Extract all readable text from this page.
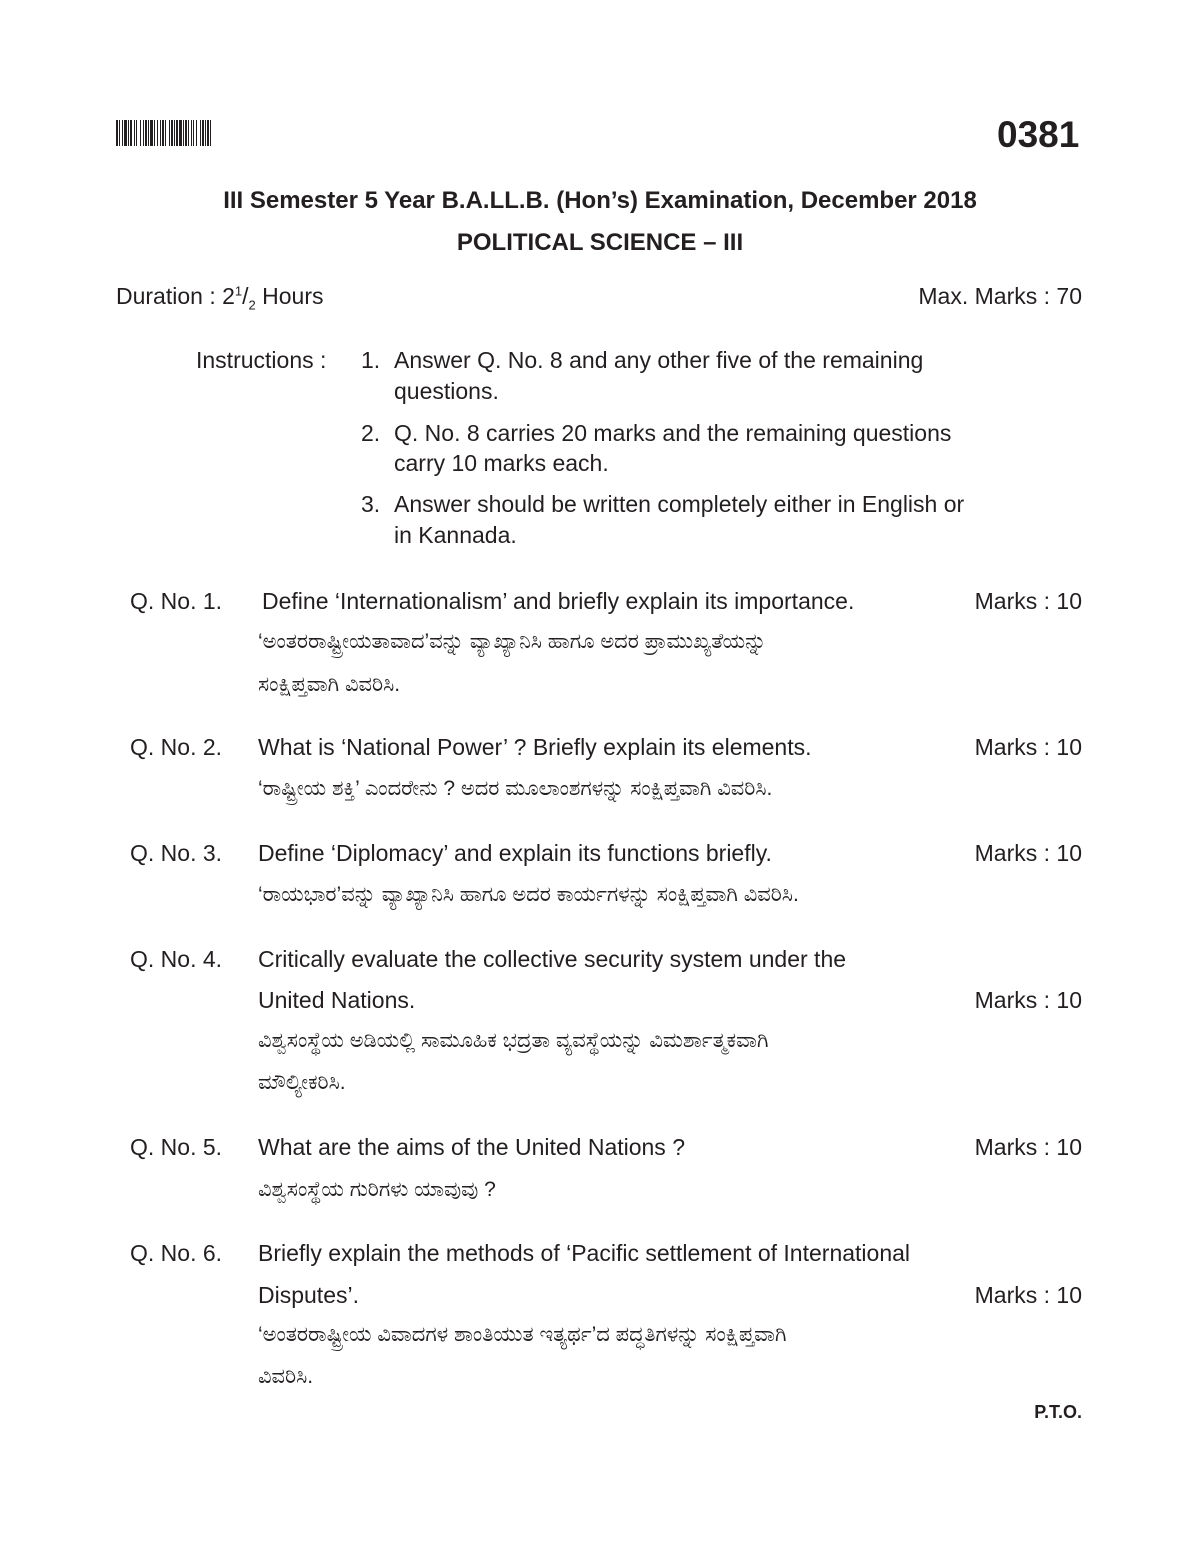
0381
III Semester 5 Year B.A.LL.B. (Hon’s) Examination, December 2018
POLITICAL SCIENCE – III
Duration : $2^1/_2$ Hours	Max. Marks : 70
Instructions : 1. Answer Q. No. 8 and any other five of the remaining
questions.
2. Q. No. 8 carries 20 marks and the remaining questions
carry 10 marks each.
3. Answer should be written completely either in English or
in Kannada.
Q. No. 1. Define ‘Internationalism’ and briefly explain its importance.	Marks : 10
‘ಅಂತರರಾಷ್ಟ್ರೀಯತಾವಾದ’ವನ್ನು ವ್ಯಾಖ್ಯಾನಿಸಿ ಹಾಗೂ ಅದರ ಪ್ರಾಮುಖ್ಯತೆಯನ್ನು
ಸಂಕ್ಷಿಪ್ತವಾಗಿ ವಿವರಿಸಿ.
Q. No. 2. What is ‘National Power’ ? Briefly explain its elements.	Marks : 10
‘ರಾಷ್ಟ್ರೀಯ ಶಕ್ತಿ’ ಎಂದರೇನು ? ಅದರ ಮೂಲಾಂಶಗಳನ್ನು ಸಂಕ್ಷಿಪ್ತವಾಗಿ ವಿವರಿಸಿ.
Q. No. 3. Define ‘Diplomacy’ and explain its functions briefly.	Marks : 10
‘ರಾಯಭಾರ’ವನ್ನು ವ್ಯಾಖ್ಯಾನಿಸಿ ಹಾಗೂ ಅದರ ಕಾರ್ಯಗಳನ್ನು ಸಂಕ್ಷಿಪ್ತವಾಗಿ ವಿವರಿಸಿ.
Q. No. 4. Critically evaluate the collective security system under the
United Nations.	Marks : 10
ವಿಶ್ವಸಂಸ್ಥೆಯ ಅಡಿಯಲ್ಲಿ ಸಾಮೂಹಿಕ ಭದ್ರತಾ ವ್ಯವಸ್ಥೆಯನ್ನು ವಿಮರ್ಶಾತ್ಮಕವಾಗಿ
ಮೌಲ್ಯೀಕರಿಸಿ.
Q. No. 5. What are the aims of the United Nations ?	Marks : 10
ವಿಶ್ವಸಂಸ್ಥೆಯ ಗುರಿಗಳು ಯಾವುವು ?
Q. No. 6. Briefly explain the methods of ‘Pacific settlement of International
Disputes’.	Marks : 10
‘ಅಂತರರಾಷ್ಟ್ರೀಯ ವಿವಾದಗಳ ಶಾಂತಿಯುತ ಇತ್ಯರ್ಥ’ದ ಪದ್ಧತಿಗಳನ್ನು ಸಂಕ್ಷಿಪ್ತವಾಗಿ
ವಿವರಿಸಿ.
P.T.O.
